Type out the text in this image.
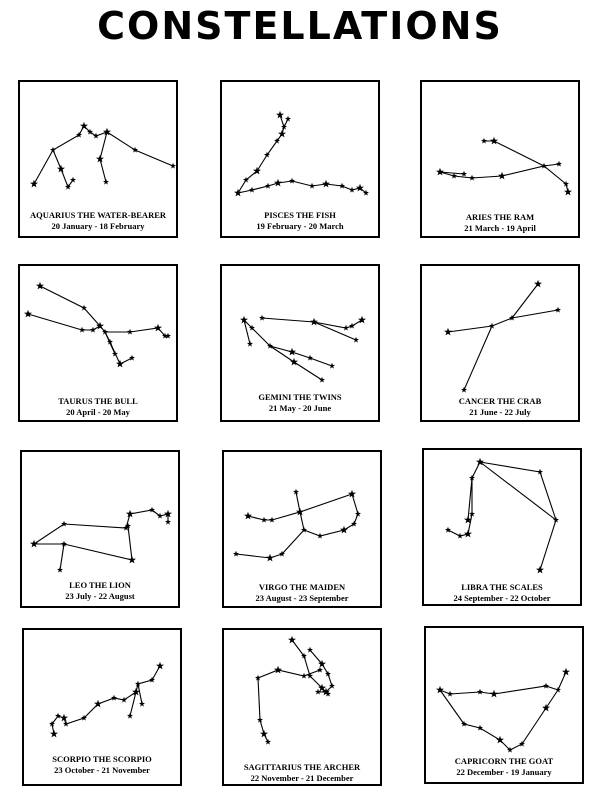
CONSTELLATIONS
AQUARIUS THE WATER-BEARER
20 January - 18 February
PISCES THE FISH
19 February - 20 March
ARIES THE RAM
21 March - 19 April
TAURUS THE BULL
20 April - 20 May
GEMINI THE TWINS
21 May - 20 June
CANCER THE CRAB
21 June - 22 July
LEO THE LION
23 July - 22 August
VIRGO THE MAIDEN
23 August - 23 September
LIBRA THE SCALES
24 September - 22 October
SCORPIO THE SCORPIO
23 October - 21 November	SAGITTARIUS THE ARCHER
22 November - 21 December
CAPRICORN THE GOAT
22 December - 19 January
